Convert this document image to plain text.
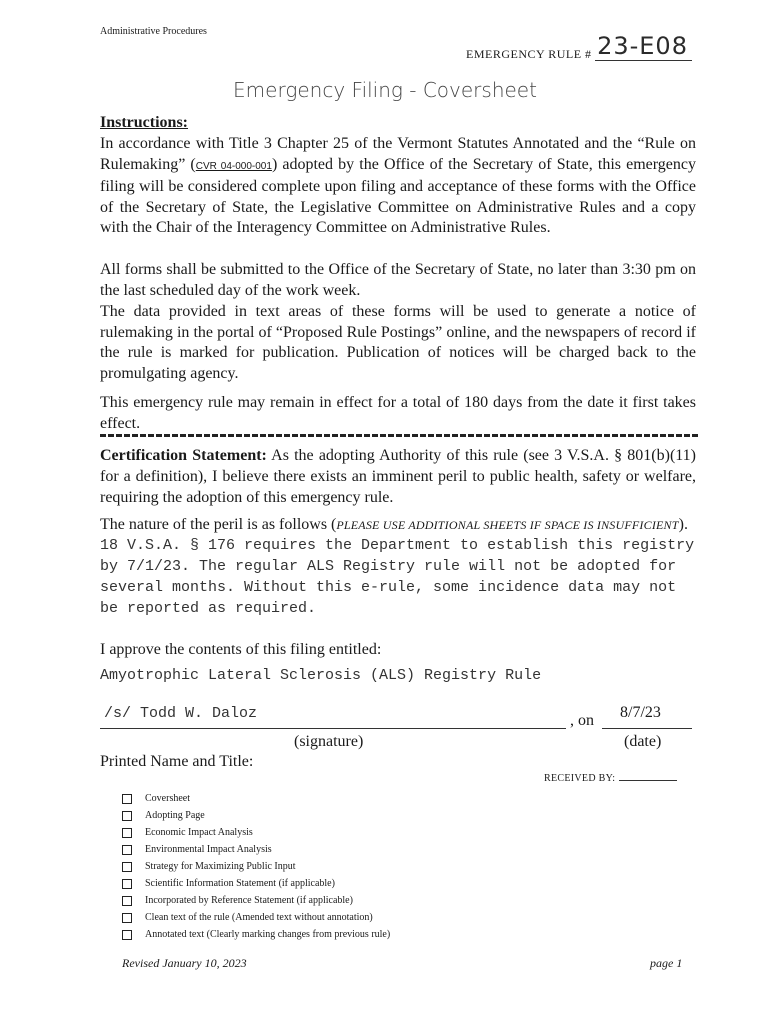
Administrative Procedures
EMERGENCY RULE # 23-E08
Emergency Filing - Coversheet
Instructions:
In accordance with Title 3 Chapter 25 of the Vermont Statutes Annotated and the “Rule on Rulemaking” (CVR 04-000-001) adopted by the Office of the Secretary of State, this emergency filing will be considered complete upon filing and acceptance of these forms with the Office of the Secretary of State, the Legislative Committee on Administrative Rules and a copy with the Chair of the Interagency Committee on Administrative Rules.
All forms shall be submitted to the Office of the Secretary of State, no later than 3:30 pm on the last scheduled day of the work week.
The data provided in text areas of these forms will be used to generate a notice of rulemaking in the portal of “Proposed Rule Postings” online, and the newspapers of record if the rule is marked for publication. Publication of notices will be charged back to the promulgating agency.
This emergency rule may remain in effect for a total of 180 days from the date it first takes effect.
Certification Statement: As the adopting Authority of this rule (see 3 V.S.A. § 801(b)(11) for a definition), I believe there exists an imminent peril to public health, safety or welfare, requiring the adoption of this emergency rule.
The nature of the peril is as follows (PLEASE USE ADDITIONAL SHEETS IF SPACE IS INSUFFICIENT). 18 V.S.A. § 176 requires the Department to establish this registry by 7/1/23. The regular ALS Registry rule will not be adopted for several months. Without this e-rule, some incidence data may not be reported as required.
I approve the contents of this filing entitled:
Amyotrophic Lateral Sclerosis (ALS) Registry Rule
/s/ Todd W. Daloz	, on 8/7/23
(signature)	(date)
Printed Name and Title:
RECEIVED BY:
Coversheet
Adopting Page
Economic Impact Analysis
Environmental Impact Analysis
Strategy for Maximizing Public Input
Scientific Information Statement (if applicable)
Incorporated by Reference Statement (if applicable)
Clean text of the rule (Amended text without annotation)
Annotated text (Clearly marking changes from previous rule)
Revised January 10, 2023	page 1
